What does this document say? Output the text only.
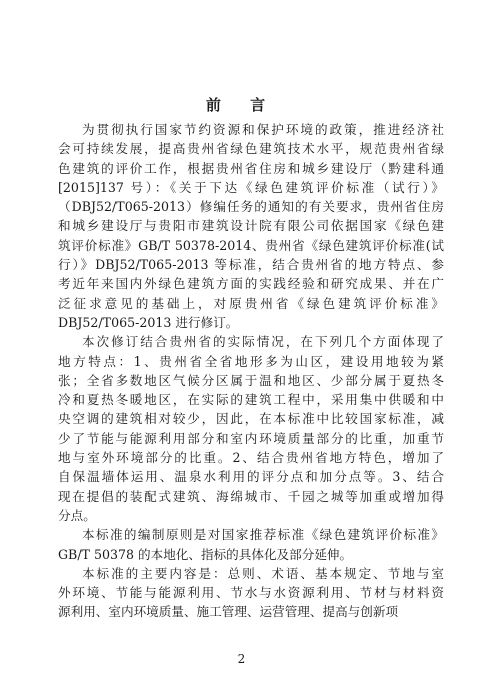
前 言
为贯彻执行国家节约资源和保护环境的政策，推进经济社
会可持续发展，提高贵州省绿色建筑技术水平，规范贵州省绿
色建筑的评价工作，根据贵州省住房和城乡建设厅（黔建科通
[2015]137 号）：《关于下达《绿色建筑评价标准（试行）》
（DBJ52/T065-2013）修编任务的通知的有关要求，贵州省住房
和城乡建设厅与贵阳市建筑设计院有限公司依据国家《绿色建
筑评价标准》GB/T 50378-2014、贵州省《绿色建筑评价标准(试
行）》DBJ52/T065-2013 等标准，结合贵州省的地方特点、参
考近年来国内外绿色建筑方面的实践经验和研究成果、并在广
泛征求意见的基础上，对原贵州省《绿色建筑评价标准》
DBJ52/T065-2013 进行修订。
本次修订结合贵州省的实际情况，在下列几个方面体现了
地方特点：1、贵州省全省地形多为山区，建设用地较为紧
张；全省多数地区气候分区属于温和地区、少部分属于夏热冬
冷和夏热冬暖地区，在实际的建筑工程中，采用集中供暖和中
央空调的建筑相对较少，因此，在本标准中比较国家标准，减
少了节能与能源利用部分和室内环境质量部分的比重，加重节
地与室外环境部分的比重。2、结合贵州省地方特色，增加了
自保温墙体运用、温泉水利用的评分点和加分点等。3、结合
现在提倡的装配式建筑、海绵城市、千园之城等加重或增加得
分点。
本标准的编制原则是对国家推荐标准《绿色建筑评价标准》
GB/T 50378 的本地化、指标的具体化及部分延伸。
本标准的主要内容是：总则、术语、基本规定、节地与室
外环境、节能与能源利用、节水与水资源利用、节材与材料资
源利用、室内环境质量、施工管理、运营管理、提高与创新项
2
